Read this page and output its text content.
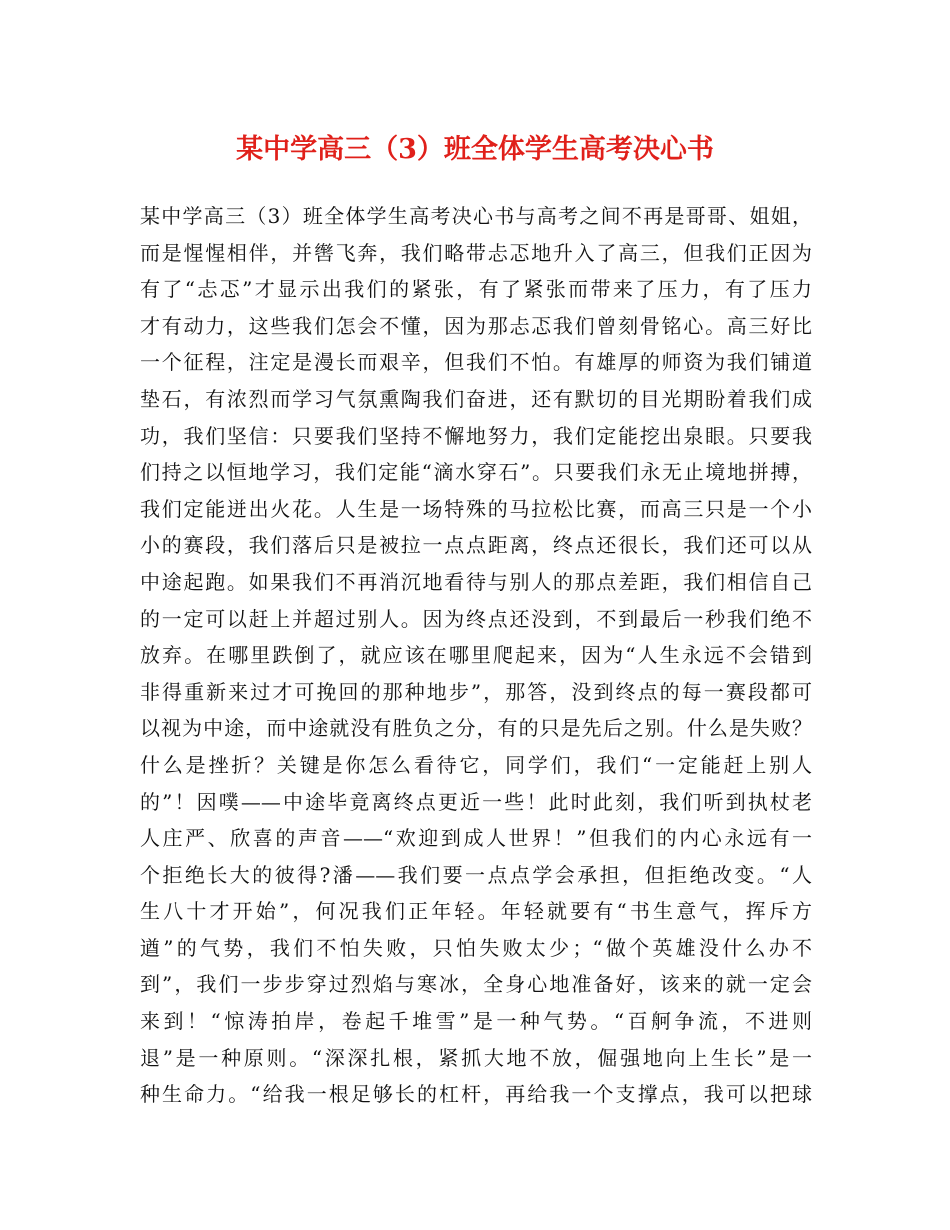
某中学高三（3）班全体学生高考决心书
某中学高三（3）班全体学生高考决心书与高考之间不再是哥哥、姐姐，
而是惺惺相伴，并辔飞奔，我们略带忐忑地升入了高三，但我们正因为
有了“忐忑”才显示出我们的紧张，有了紧张而带来了压力，有了压力
才有动力，这些我们怎会不懂，因为那忐忑我们曾刻骨铭心。高三好比
一个征程，注定是漫长而艰辛，但我们不怕。有雄厚的师资为我们铺道
垫石，有浓烈而学习气氛熏陶我们奋进，还有默切的目光期盼着我们成
功，我们坚信：只要我们坚持不懈地努力，我们定能挖出泉眼。只要我
们持之以恒地学习，我们定能“滴水穿石”。只要我们永无止境地拼搏，
我们定能迸出火花。人生是一场特殊的马拉松比赛，而高三只是一个小
小的赛段，我们落后只是被拉一点点距离，终点还很长，我们还可以从
中途起跑。如果我们不再消沉地看待与别人的那点差距，我们相信自己
的一定可以赶上并超过别人。因为终点还没到，不到最后一秒我们绝不
放弃。在哪里跌倒了，就应该在哪里爬起来，因为“人生永远不会错到
非得重新来过才可挽回的那种地步”，那答，没到终点的每一赛段都可
以视为中途，而中途就没有胜负之分，有的只是先后之别。什么是失败？
什么是挫折？关键是你怎么看待它，同学们，我们“一定能赶上别人
的”！因噗——中途毕竟离终点更近一些！此时此刻，我们听到执杖老
人庄严、欣喜的声音——“欢迎到成人世界！”但我们的内心永远有一
个拒绝长大的彼得?潘——我们要一点点学会承担，但拒绝改变。“人
生八十才开始”，何况我们正年轻。年轻就要有“书生意气，挥斥方
遒”的气势，我们不怕失败，只怕失败太少；“做个英雄没什么办不
到”，我们一步步穿过烈焰与寒冰，全身心地准备好，该来的就一定会
来到！“惊涛拍岸，卷起千堆雪”是一种气势。“百舸争流，不进则
退”是一种原则。“深深扎根，紧抓大地不放，倔强地向上生长”是一
种生命力。“给我一根足够长的杠杆，再给我一个支撑点，我可以把球
